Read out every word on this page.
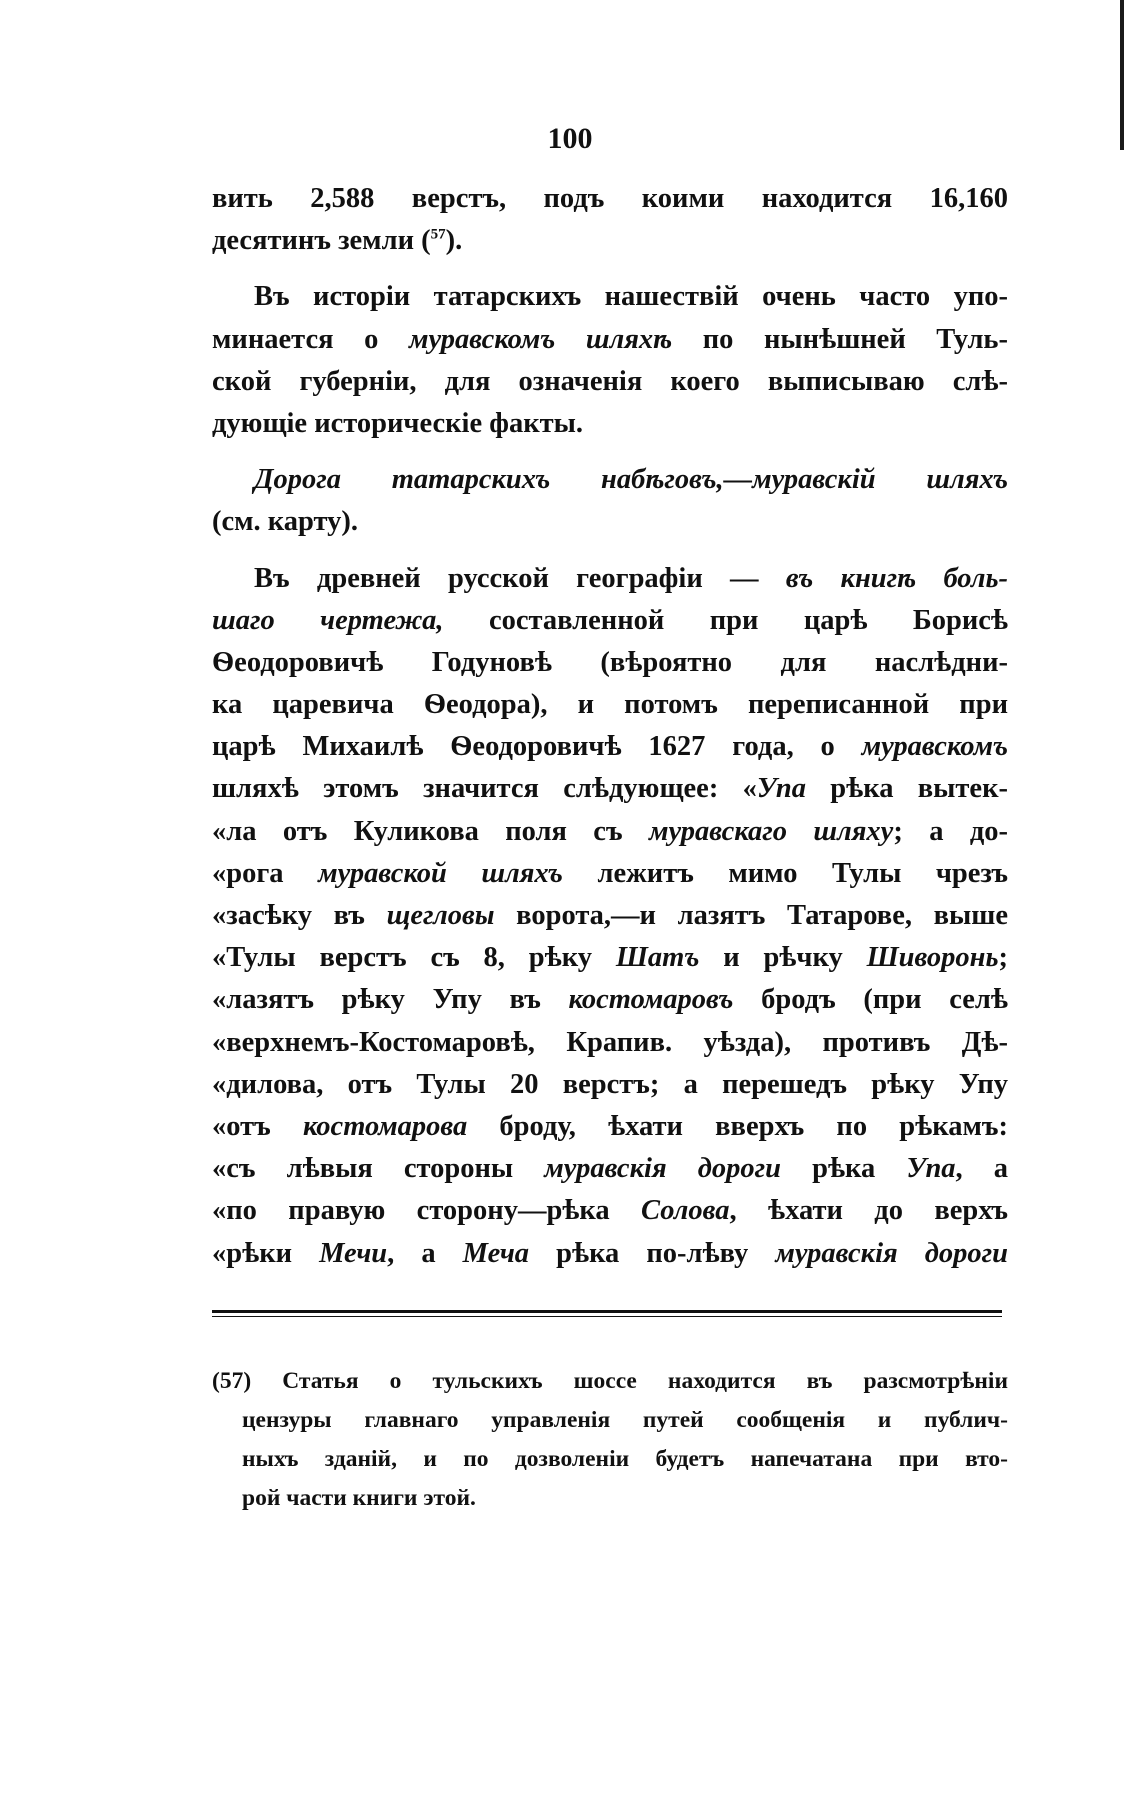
100
вить 2,588 верстъ, подъ коими находится 16,160
десятинъ земли ($^{57}$).
Въ исторіи татарскихъ нашествій очень часто упо-
минается о муравскомъ шляхѣ по нынѣшней Туль-
ской губерніи, для означенія коего выписываю слѣ-
дующіе историческіе факты.
Дорога татарскихъ набѣговъ,—муравскій шляхъ
(см. карту).
Въ древней русской географіи — въ книгѣ боль-
шаго чертежа, составленной при царѣ Борисѣ
Ѳеодоровичѣ Годуновѣ (вѣроятно для наслѣдни-
ка царевича Ѳеодора), и потомъ переписанной при
царѣ Михаилѣ Ѳеодоровичѣ 1627 года, о муравскомъ
шляхѣ этомъ значится слѣдующее: «Упа рѣка вытек-
«ла отъ Куликова поля съ муравскаго шляху; а до-
«рога муравской шляхъ лежитъ мимо Тулы чрезъ
«засѣку въ щегловы ворота,—и лазятъ Татарове, выше
«Тулы верстъ съ 8, рѣку Шатъ и рѣчку Шиворонь;
«лазятъ рѣку Упу въ костомаровъ бродъ (при селѣ
«верхнемъ-Костомаровѣ, Крапив. уѣзда), противъ Дѣ-
«дилова, отъ Тулы 20 верстъ; а перешедъ рѣку Упу
«отъ костомарова броду, ѣхати вверхъ по рѣкамъ:
«съ лѣвыя стороны муравскія дороги рѣка Упа, а
«по правую сторону—рѣка Солова, ѣхати до верхъ
«рѣки Мечи, а Меча рѣка по-лѣву муравскія дороги
(57) Статья о тульскихъ шоссе находится въ разсмотрѣніи
цензуры главнаго управленія путей сообщенія и публич-
ныхъ зданій, и по дозволеніи будетъ напечатана при вто-
рой части книги этой.
